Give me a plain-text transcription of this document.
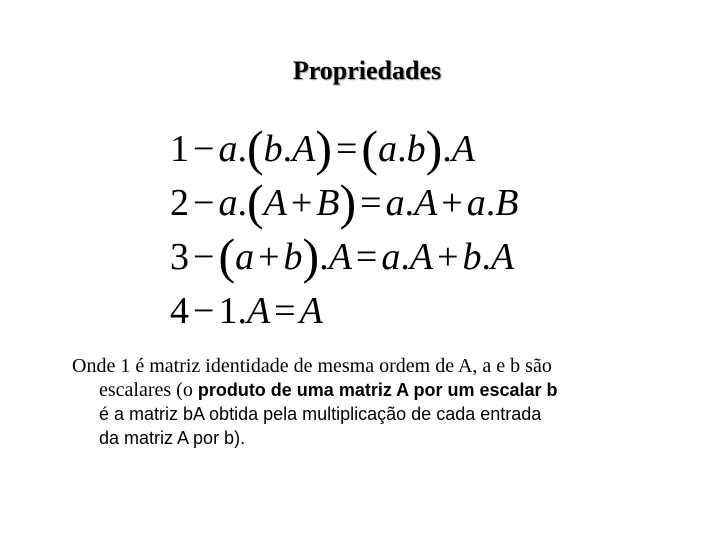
Propriedades
1 − a.(b.A) =(a.b).A
2 − a.(A + B) = a.A + a.B
3 −(a + b).A = a.A + b.A
4 − 1.A = A
Onde 1 é matriz identidade de mesma ordem de A, a e b são
escalares (o produto de uma matriz A por um escalar b
é a matriz bA obtida pela multiplicação de cada entrada
da matriz A por b).
